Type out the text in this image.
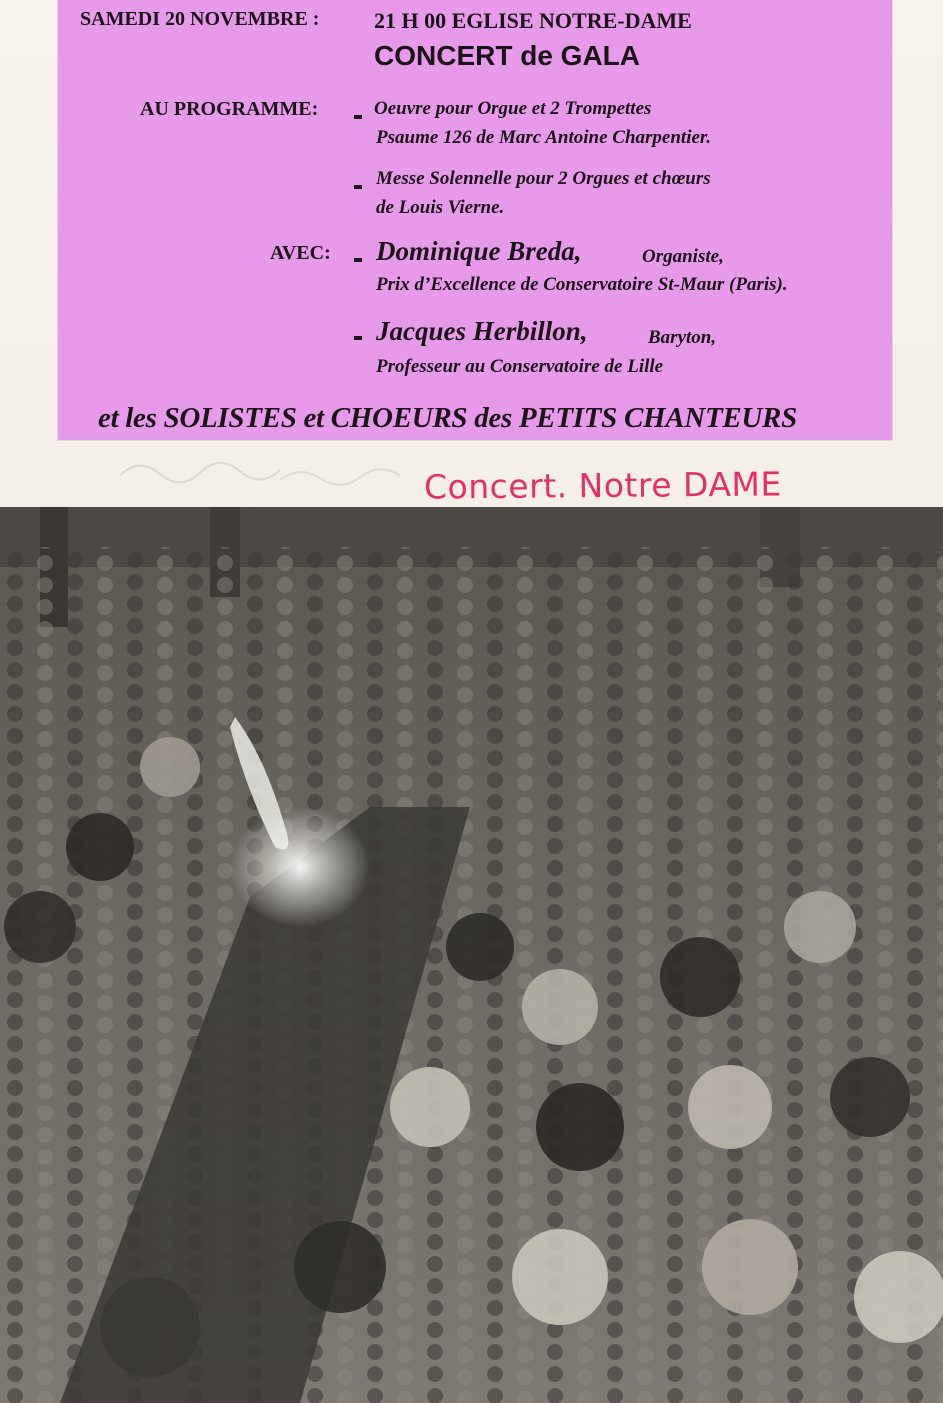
SAMEDI 20 NOVEMBRE : 21 H 00 EGLISE NOTRE-DAME
CONCERT de GALA
AU PROGRAMME:	Oeuvre pour Orgue et 2 Trompettes
Psaume 126 de Marc Antoine Charpentier.
Messe Solennelle pour 2 Orgues et chœurs
de Louis Vierne.
AVEC: Dominique Breda,	Organiste,
Prix d’Excellence de Conservatoire St-Maur (Paris).
Jacques Herbillon,	Baryton,
Professeur au Conservatoire de Lille
et les SOLISTES et CHOEURS des PETITS CHANTEURS
Concert. Notre DAME
